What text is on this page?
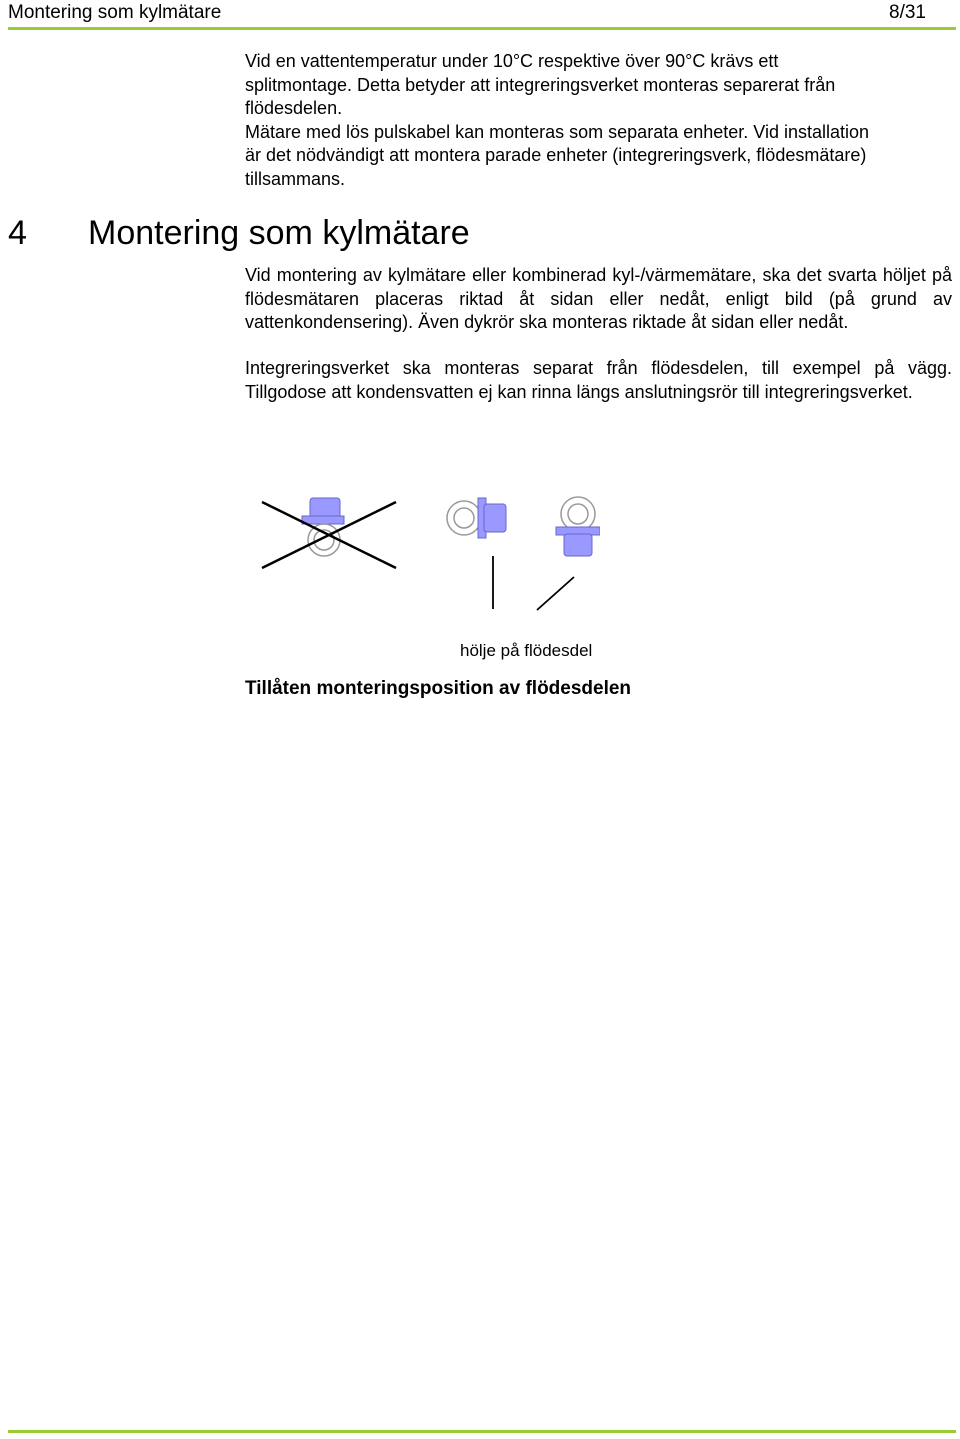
Montering som kylmätare	8/31

Vid en vattentemperatur under 10°C respektive över 90°C krävs ett
splitmontage. Detta betyder att integreringsverket monteras separerat från
flödesdelen.
Mätare med lös pulskabel kan monteras som separata enheter. Vid installation
är det nödvändigt att montera parade enheter (integreringsverk, flödesmätare)
tillsammans.

4 Montering som kylmätare

Vid montering av kylmätare eller kombinerad kyl-/värmemätare, ska det svarta höljet på flödesmätaren placeras riktad åt sidan eller nedåt, enligt bild (på grund av vattenkondensering). Även dykrör ska monteras riktade åt sidan eller nedåt.

Integreringsverket ska monteras separat från flödesdelen, till exempel på vägg. Tillgodose att kondensvatten ej kan rinna längs anslutningsrör till integreringsverket.

hölje på flödesdel
Tillåten monteringsposition av flödesdelen
